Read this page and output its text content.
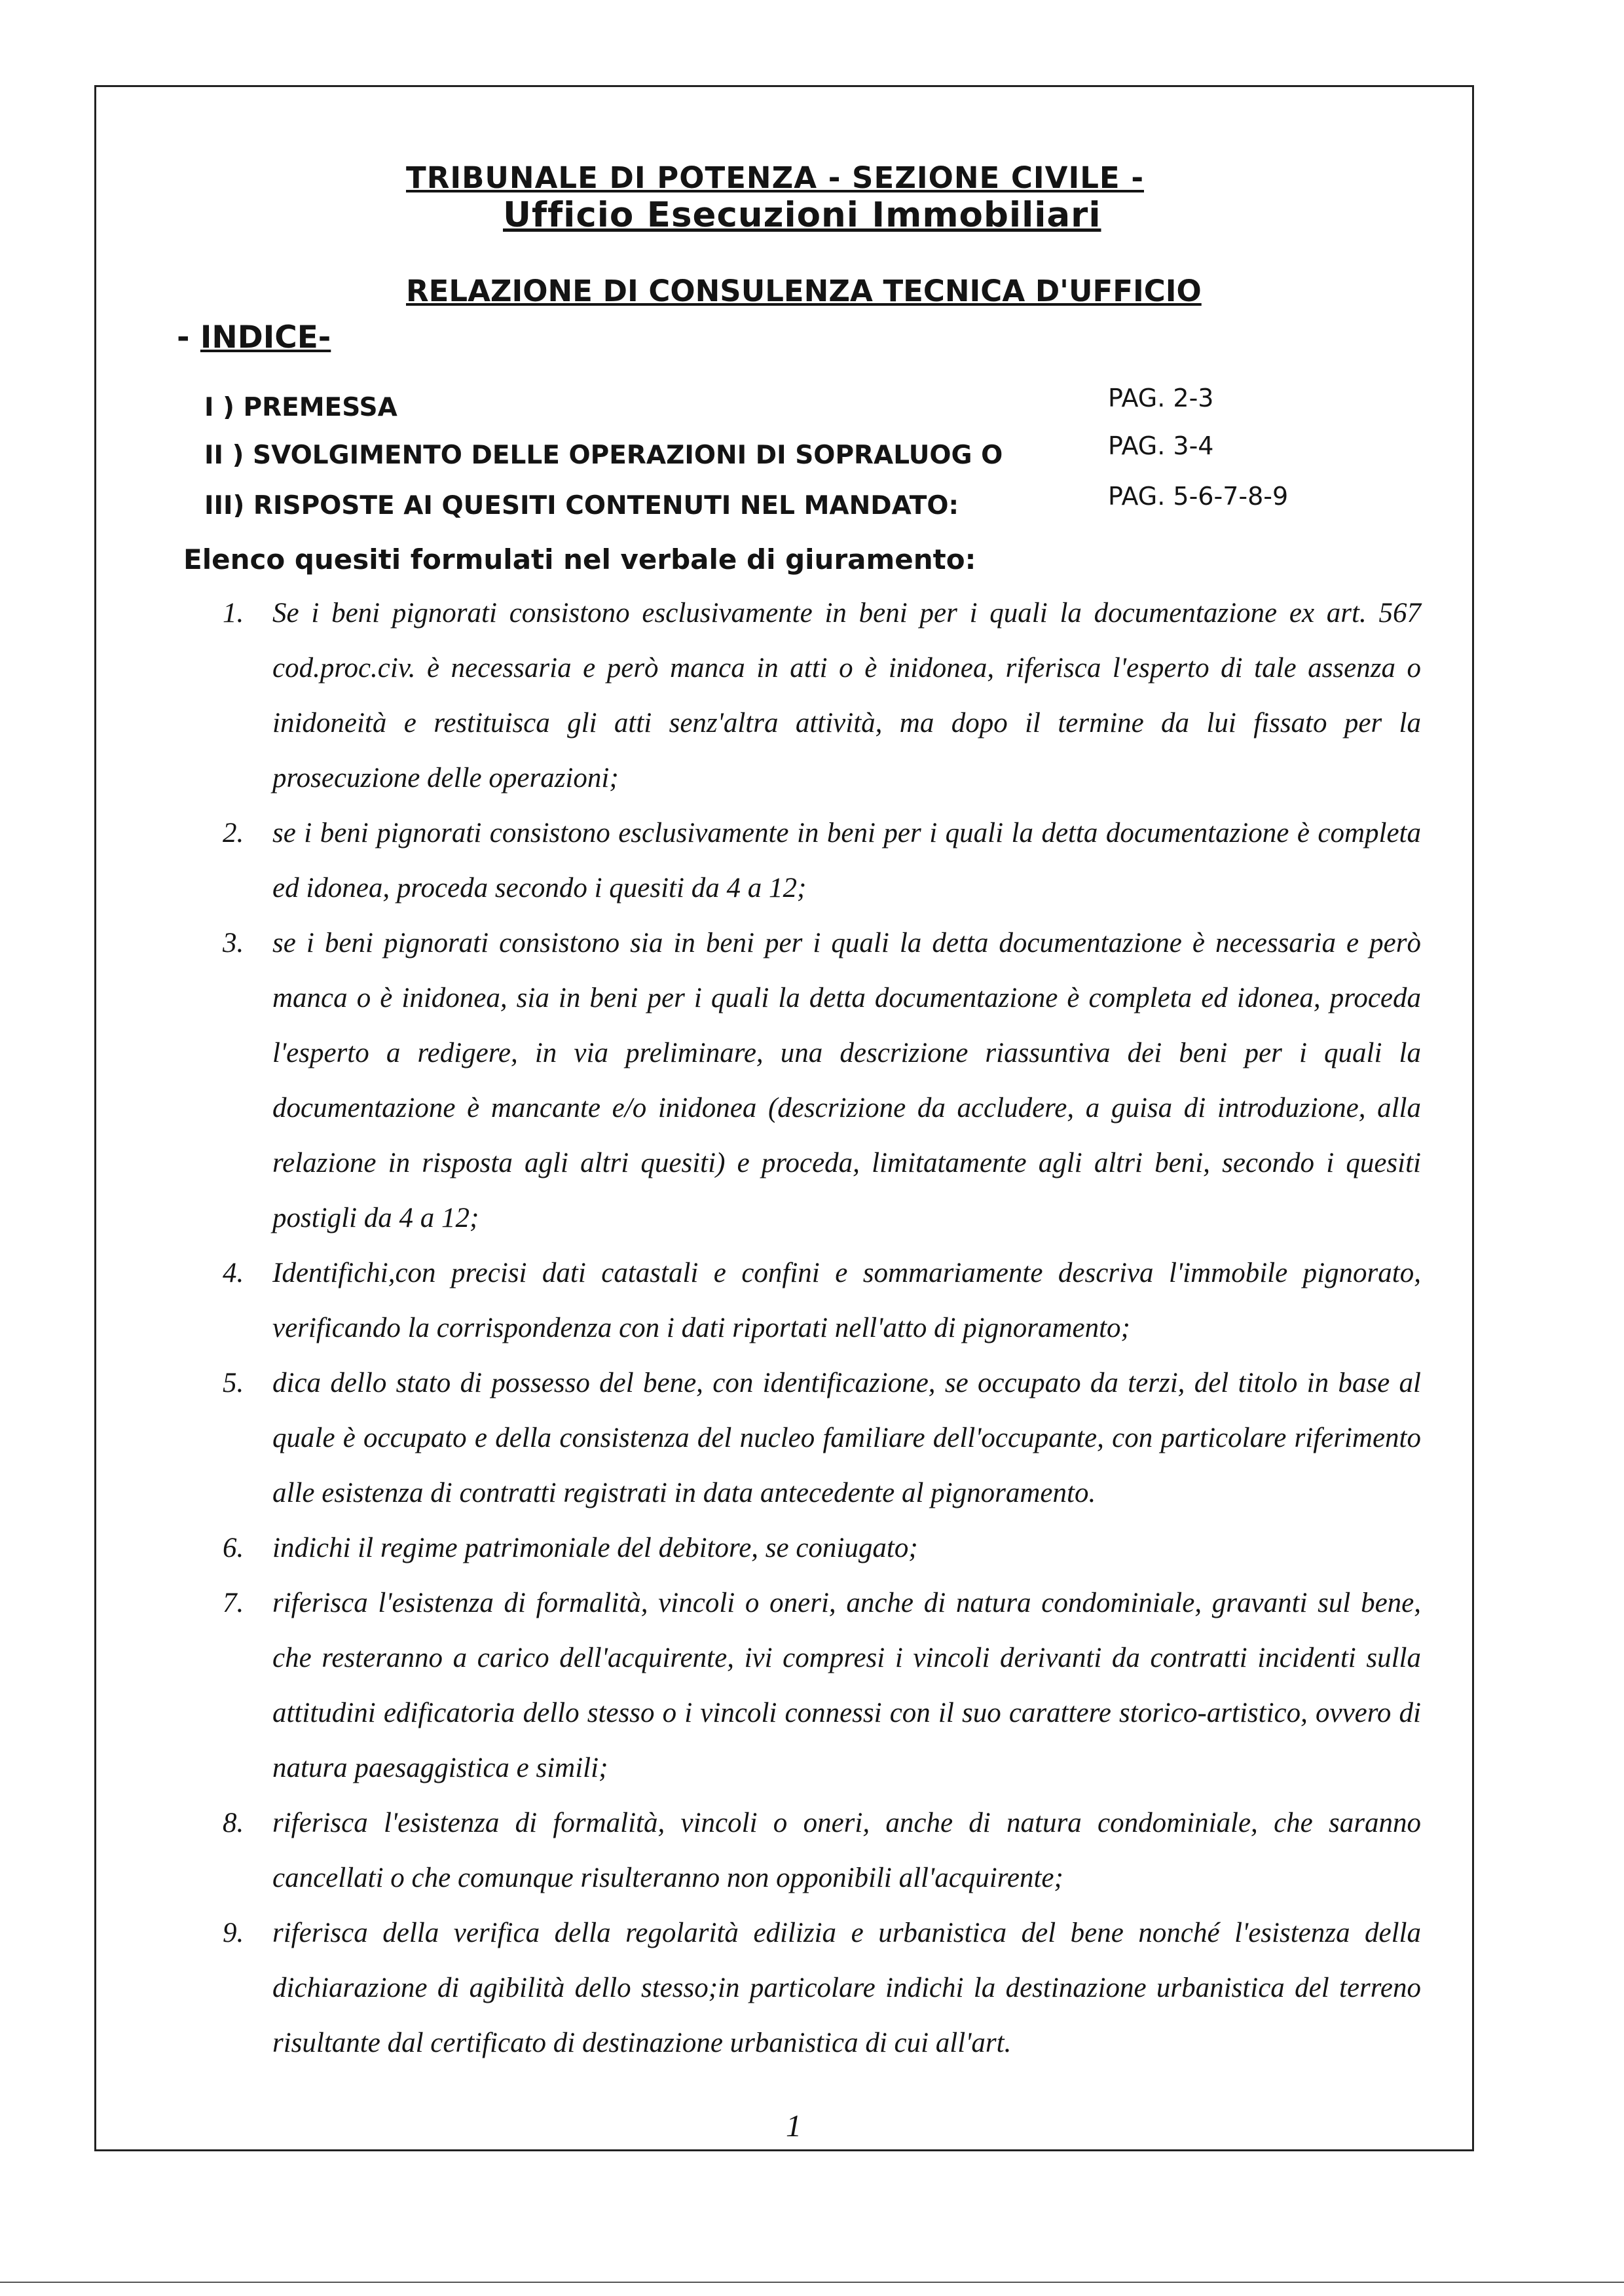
TRIBUNALE DI POTENZA - SEZIONE CIVILE -
Ufficio Esecuzioni Immobiliari
RELAZIONE DI CONSULENZA TECNICA D'UFFICIO
- INDICE-
I ) PREMESSA	PAG. 2-3
II ) SVOLGIMENTO DELLE OPERAZIONI DI SOPRALUOG O	PAG. 3-4
III) RISPOSTE AI QUESITI CONTENUTI NEL MANDATO:	PAG. 5-6-7-8-9
Elenco quesiti formulati nel verbale di giuramento:
1.	Se i beni pignorati consistono esclusivamente in beni per i quali la documentazione ex art. 567 cod.proc.civ. è necessaria e però manca in atti o è inidonea, riferisca l'esperto di tale assenza o inidoneità e restituisca gli atti senz'altra attività, ma dopo il termine da lui fissato per la prosecuzione delle operazioni;
2.	se i beni pignorati consistono esclusivamente in beni per i quali la detta documentazione è completa ed idonea, proceda secondo i quesiti da 4 a 12;
3.	se i beni pignorati consistono sia in beni per i quali la detta documentazione è necessaria e però manca o è inidonea, sia in beni per i quali la detta documentazione è completa ed idonea, proceda l'esperto a redigere, in via preliminare, una descrizione riassuntiva dei beni per i quali la documentazione è mancante e/o inidonea (descrizione da accludere, a guisa di introduzione, alla relazione in risposta agli altri quesiti) e proceda, limitatamente agli altri beni, secondo i quesiti postigli da 4 a 12;
4.	Identifichi,con precisi dati catastali e confini e sommariamente descriva l'immobile pignorato, verificando la corrispondenza con i dati riportati nell'atto di pignoramento;
5.	dica dello stato di possesso del bene, con identificazione, se occupato da terzi, del titolo in base al quale è occupato e della consistenza del nucleo familiare dell'occupante, con particolare riferimento alle esistenza di contratti registrati in data antecedente al pignoramento.
6.	indichi il regime patrimoniale del debitore, se coniugato;
7.	riferisca l'esistenza di formalità, vincoli o oneri, anche di natura condominiale, gravanti sul bene, che resteranno a carico dell'acquirente, ivi compresi i vincoli derivanti da contratti incidenti sulla attitudini edificatoria dello stesso o i vincoli connessi con il suo carattere storico-artistico, ovvero di natura paesaggistica e simili;
8.	riferisca l'esistenza di formalità, vincoli o oneri, anche di natura condominiale, che saranno cancellati o che comunque risulteranno non opponibili all'acquirente;
9.	riferisca della verifica della regolarità edilizia e urbanistica del bene nonché l'esistenza della dichiarazione di agibilità dello stesso;in particolare indichi la destinazione urbanistica del terreno risultante dal certificato di destinazione urbanistica di cui all'art.
1
